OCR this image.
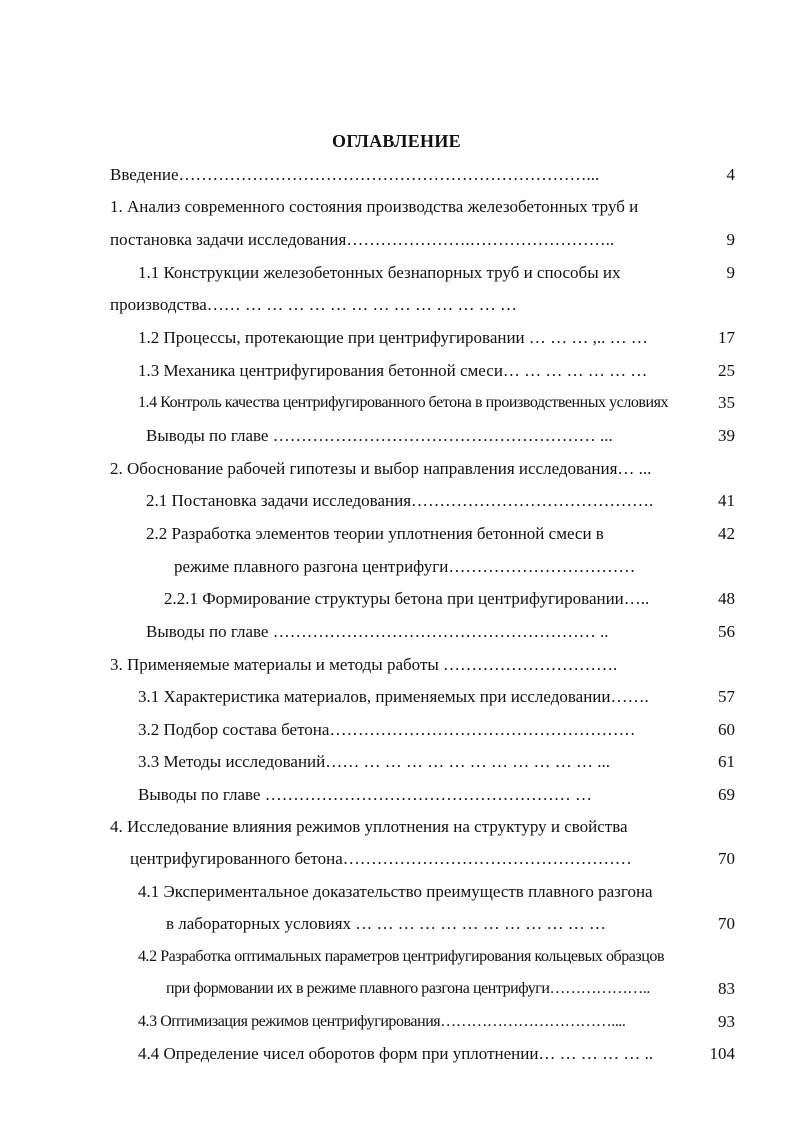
ОГЛАВЛЕНИЕ
Введение………………………………………………………………...	4
1. Анализ современного состояния производства железобетонных труб и
постановка задачи исследования………………….……………………..	9
1.1 Конструкции железобетонных безнапорных труб и способы их	9
производства…… … … … … … … … … … … … … …
1.2 Процессы, протекающие при центрифугировании … … … ,.. … …	17
1.3 Механика центрифугирования бетонной смеси… … … … … … …	25
1.4 Контроль качества центрифугированного бетона в производственных условиях	35
Выводы по главе ………………………………………………… ...	39
2. Обоснование рабочей гипотезы и выбор направления исследования… ...
2.1 Постановка задачи исследования…………………………………….	41
2.2 Разработка элементов теории уплотнения бетонной смеси в	42
режиме плавного разгона центрифуги……………………………
2.2.1 Формирование структуры бетона при центрифугировании…..	48
Выводы по главе ………………………………………………… ..	56
3. Применяемые материалы и методы работы ………………………….
3.1 Характеристика материалов, применяемых при исследовании…….	57
3.2 Подбор состава бетона………………………………………………	60
3.3 Методы исследований…… … … … … … … … … … … … ...	61
Выводы по главе ……………………………………………… …	69
4. Исследование влияния режимов уплотнения на структуру и свойства
центрифугированного бетона……………………………………………	70
4.1 Экспериментальное доказательство преимуществ плавного разгона
в лабораторных условиях … … … … … … … … … … … …	70
4.2 Разработка оптимальных параметров центрифугирования кольцевых образцов
при формовании их в режиме плавного разгона центрифуги………………..	83
4.3 Оптимизация режимов центрифугирования……………………………....	93
4.4 Определение чисел оборотов форм при уплотнении… … … … … ..	104
